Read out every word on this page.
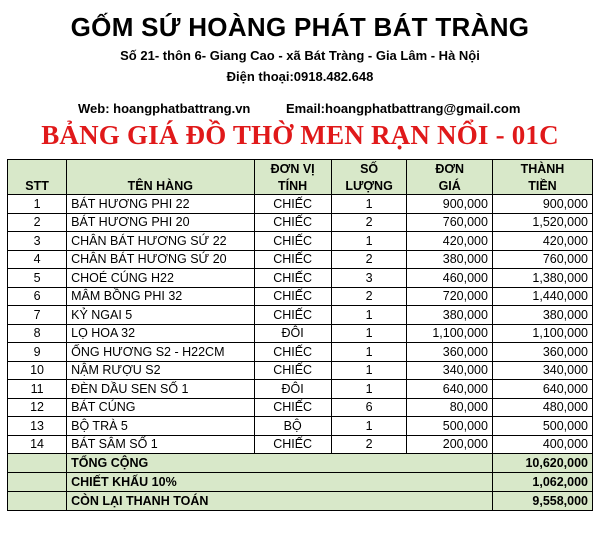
GỐM SỨ HOÀNG PHÁT BÁT TRÀNG
Số 21- thôn 6- Giang Cao - xã Bát Tràng - Gia Lâm - Hà Nội
Điện thoại:0918.482.648
Web: hoangphatbattrang.vn	Email:hoangphatbattrang@gmail.com
BẢNG GIÁ ĐỒ THỜ MEN RẠN NỔI - 01C
		ĐƠN VỊ	SỐ	ĐƠN	THÀNH
STT	TÊN HÀNG	TÍNH	LƯỢNG	GIÁ	TIỀN
1	BÁT HƯƠNG PHI 22	CHIẾC	1	900,000	900,000
2	BÁT HƯƠNG PHI 20	CHIẾC	2	760,000	1,520,000
3	CHÂN BÁT HƯƠNG SỨ 22	CHIẾC	1	420,000	420,000
4	CHÂN BÁT HƯƠNG SỨ 20	CHIẾC	2	380,000	760,000
5	CHOÉ CÚNG H22	CHIẾC	3	460,000	1,380,000
6	MÂM BỒNG PHI 32	CHIẾC	2	720,000	1,440,000
7	KỶ NGAI 5	CHIẾC	1	380,000	380,000
8	LỌ HOA 32	ĐÔI	1	1,100,000	1,100,000
9	ỐNG HƯƠNG S2 - H22CM	CHIẾC	1	360,000	360,000
10	NẬM RƯỢU S2	CHIẾC	1	340,000	340,000
11	ĐÈN DẦU SEN SỐ 1	ĐÔI	1	640,000	640,000
12	BÁT CÚNG	CHIẾC	6	80,000	480,000
13	BỘ TRÀ 5	BỘ	1	500,000	500,000
14	BÁT SÂM SỐ 1	CHIẾC	2	200,000	400,000
	TỔNG CỘNG				10,620,000
	CHIẾT KHẤU 10%				1,062,000
	CÒN LẠI THANH TOÁN				9,558,000
